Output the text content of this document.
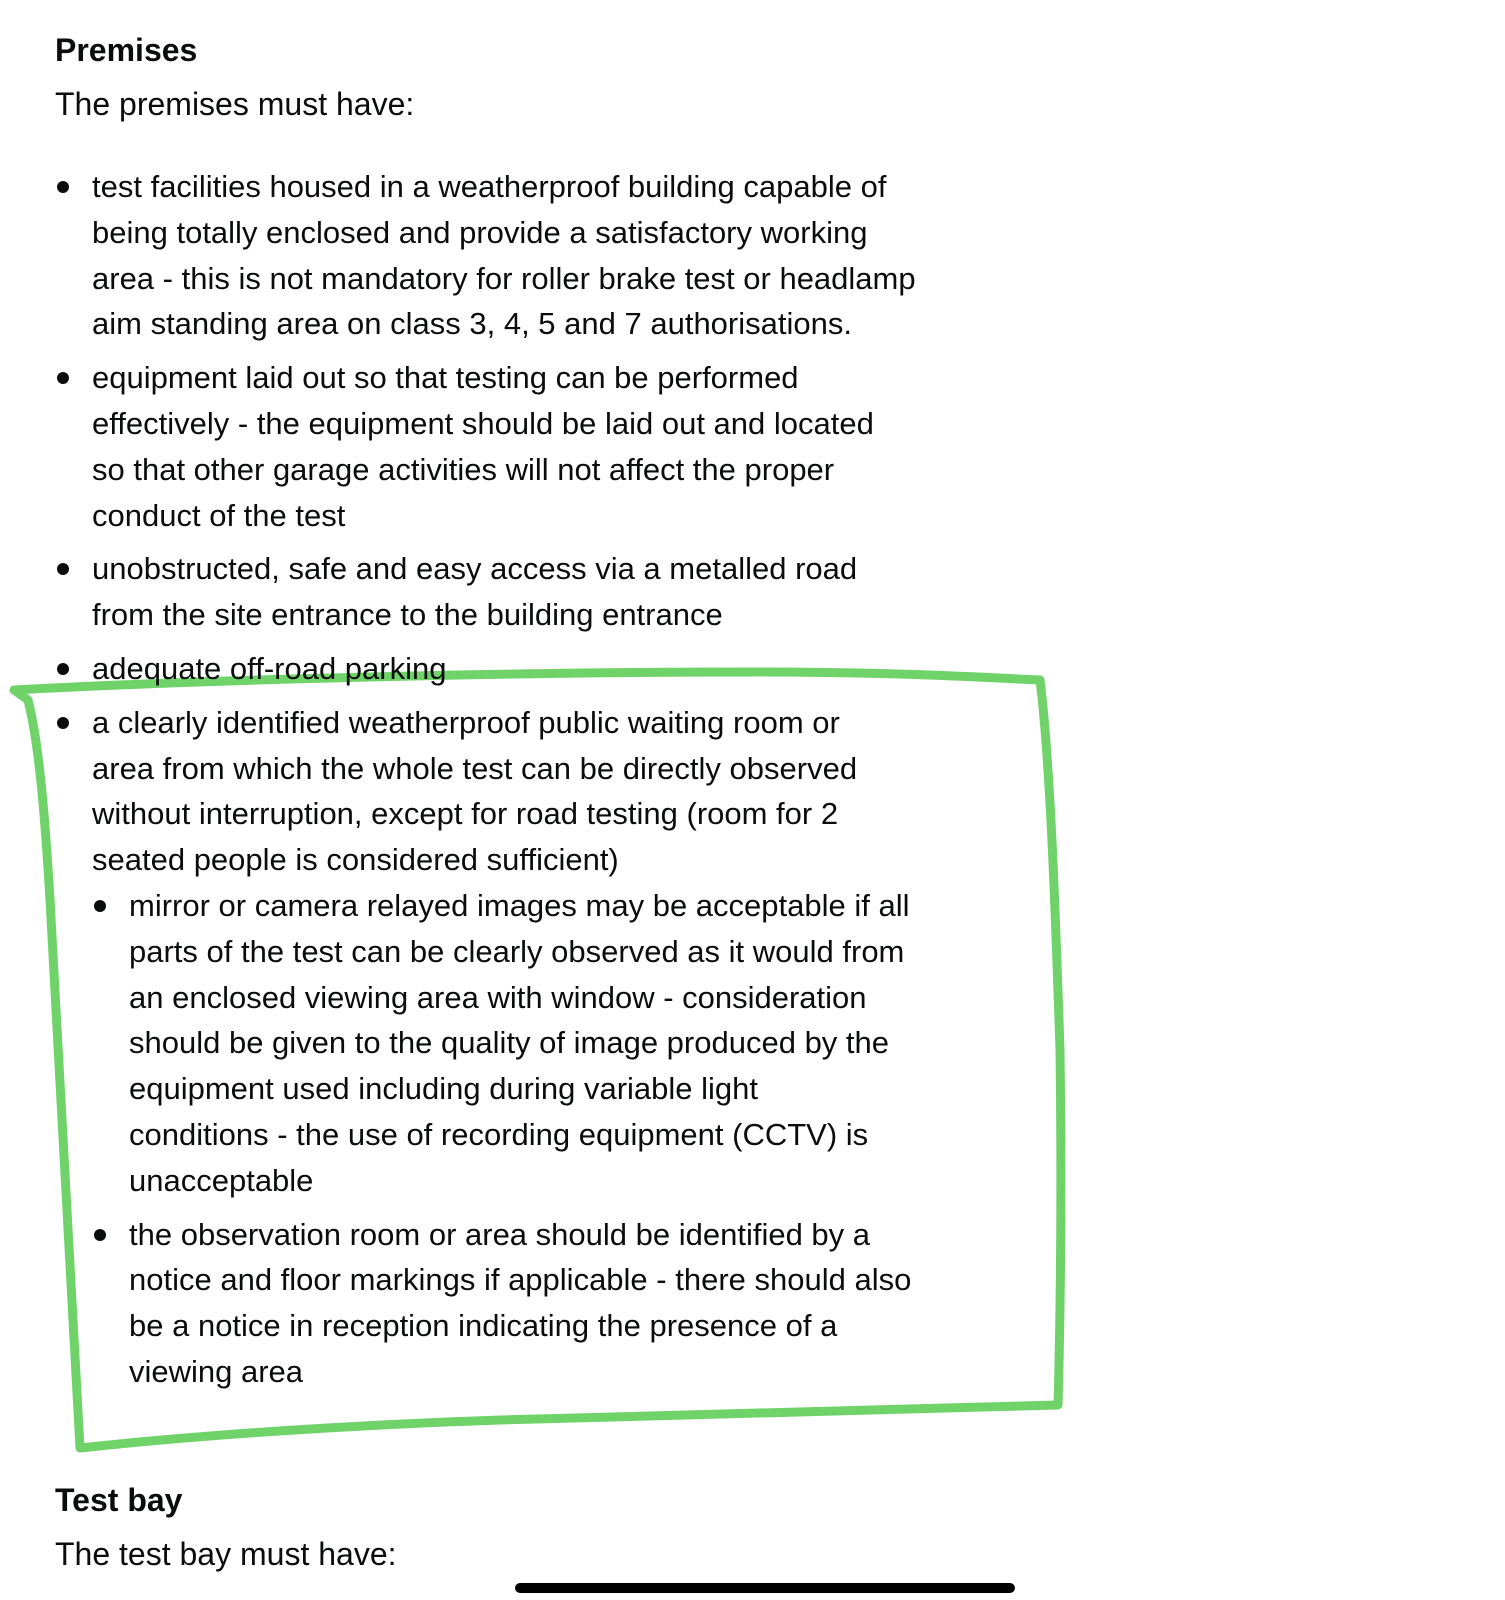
Premises

The premises must have:

test facilities housed in a weatherproof building capable of
being totally enclosed and provide a satisfactory working
area - this is not mandatory for roller brake test or headlamp
aim standing area on class 3, 4, 5 and 7 authorisations.
equipment laid out so that testing can be performed
effectively - the equipment should be laid out and located
so that other garage activities will not affect the proper
conduct of the test
unobstructed, safe and easy access via a metalled road
from the site entrance to the building entrance
adequate off-road parking
a clearly identified weatherproof public waiting room or
area from which the whole test can be directly observed
without interruption, except for road testing (room for 2
seated people is considered sufficient)
mirror or camera relayed images may be acceptable if all
parts of the test can be clearly observed as it would from
an enclosed viewing area with window - consideration
should be given to the quality of image produced by the
equipment used including during variable light
conditions - the use of recording equipment (CCTV) is
unacceptable
the observation room or area should be identified by a
notice and floor markings if applicable - there should also
be a notice in reception indicating the presence of a
viewing area
Test bay

The test bay must have:
